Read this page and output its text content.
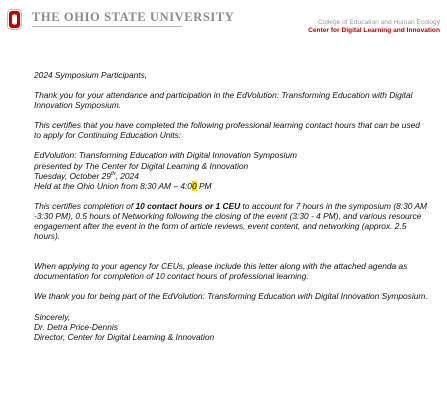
THE OHIO STATE UNIVERSITY	College of Education and Human Ecology
Center for Digital Learning and Innovation

2024 Symposium Participants,

Thank you for your attendance and participation in the EdVolution: Transforming Education with Digital Innovation Symposium.

This certifies that you have completed the following professional learning contact hours that can be used to apply for Continuing Education Units:

EdVolution: Transforming Education with Digital Innovation Symposium

presented by The Center for Digital Learning & Innovation

Tuesday, October 29th, 2024

Held at the Ohio Union from 8:30 AM – 4:00 PM

This certifies completion of 10 contact hours or 1 CEU to account for 7 hours in the symposium (8:30 AM -3:30 PM), 0.5 hours of Networking following the closing of the event (3:30 - 4 PM), and various resource engagement after the event in the form of article reviews, event content, and networking (approx. 2.5 hours).

When applying to your agency for CEUs, please include this letter along with the attached agenda as documentation for completion of 10 contact hours of professional learning.

We thank you for being part of the EdVolution: Transforming Education with Digital Innovation Symposium.

Sincerely,

Dr. Detra Price-Dennis

Director, Center for Digital Learning & Innovation
